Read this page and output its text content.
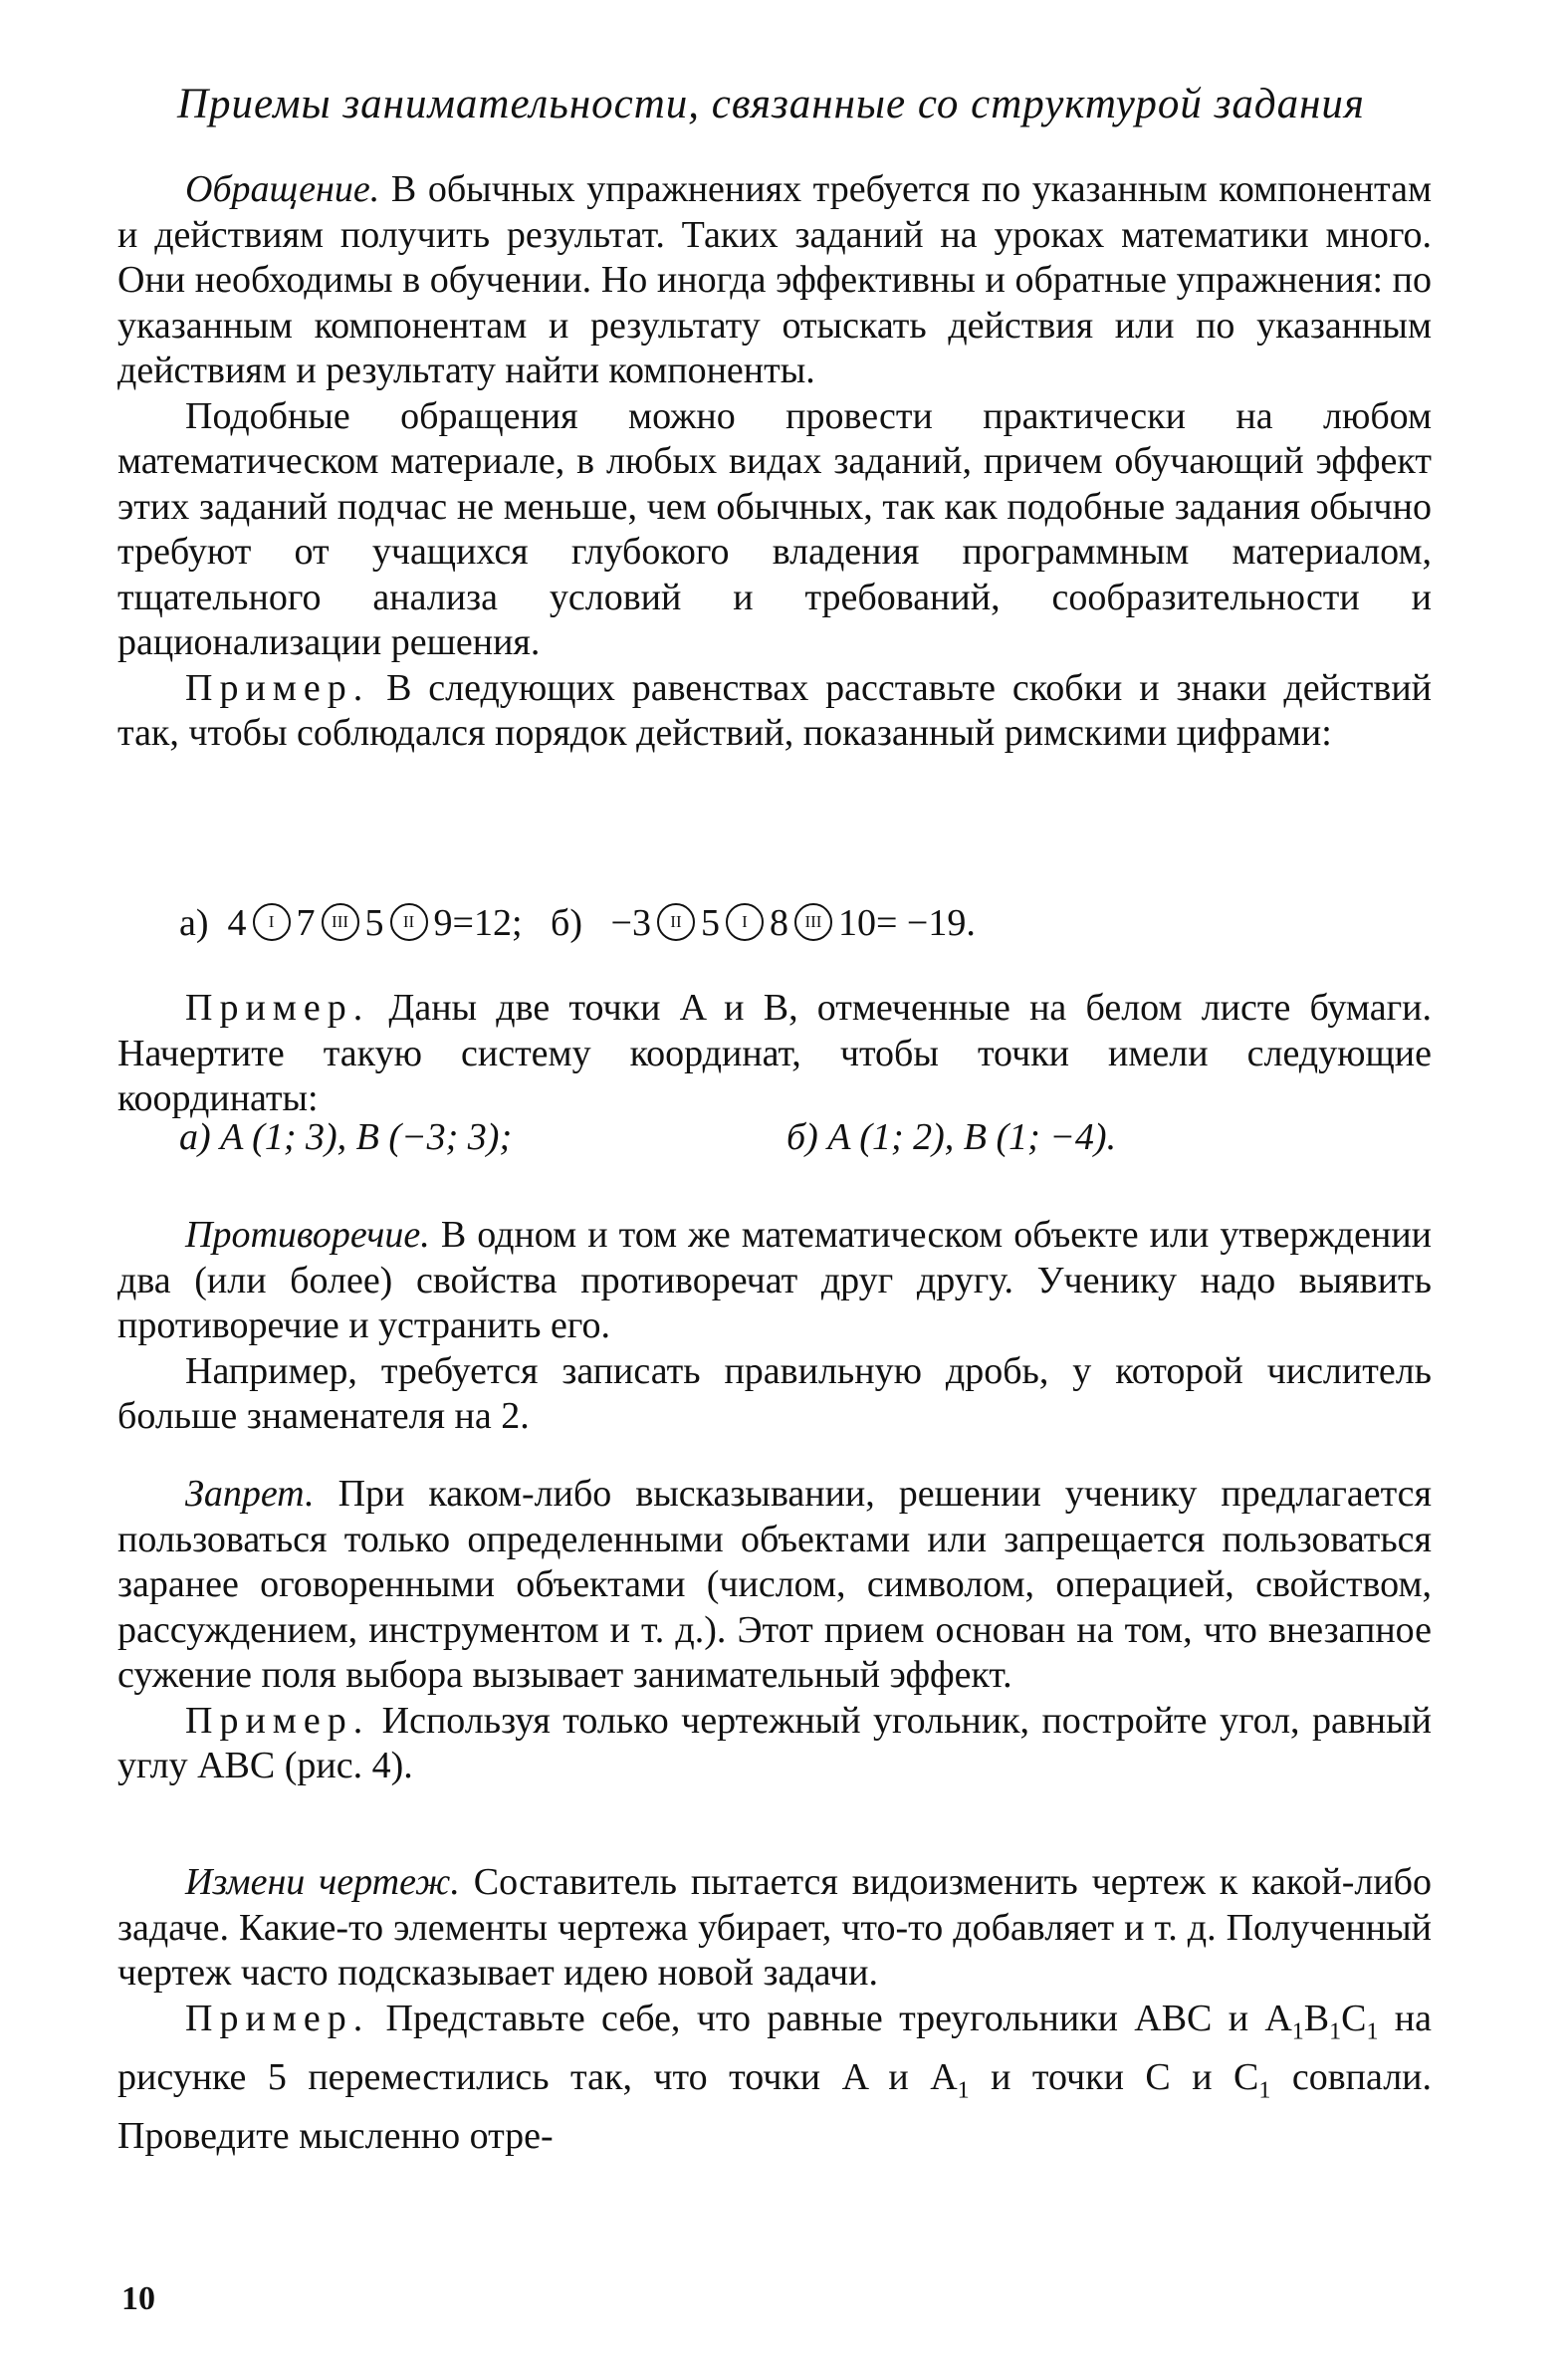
Приемы занимательности, связанные со структурой задания

Обращение. В обычных упражнениях требуется по указанным компонентам и действиям получить результат. Таких заданий на уроках математики много. Они необходимы в обучении. Но иногда эффективны и обратные упражнения: по указанным компонентам и результату отыскать действия или по указанным действиям и результату найти компоненты.

Подобные обращения можно провести практически на любом математическом материале, в любых видах заданий, причем обучающий эффект этих заданий подчас не меньше, чем обычных, так как подобные задания обычно требуют от учащихся глубокого владения программным материалом, тщательного анализа условий и требований, сообразительности и рационализации решения.

Пример. В следующих равенствах расставьте скобки и знаки действий так, чтобы соблюдался порядок действий, показанный римскими цифрами:

а) 4 I 7 III 5 II 9=12; б) −3 II 5 I 8 III 10= −19.

Пример. Даны две точки A и B, отмеченные на белом листе бумаги. Начертите такую систему координат, чтобы точки имели следующие координаты:

а) A (1; 3), B (−3; 3);	б) A (1; 2), B (1; −4).

Противоречие. В одном и том же математическом объекте или утверждении два (или более) свойства противоречат друг другу. Ученику надо выявить противоречие и устранить его.

Например, требуется записать правильную дробь, у которой числитель больше знаменателя на 2.

Запрет. При каком-либо высказывании, решении ученику предлагается пользоваться только определенными объектами или запрещается пользоваться заранее оговоренными объектами (числом, символом, операцией, свойством, рассуждением, инструментом и т. д.). Этот прием основан на том, что внезапное сужение поля выбора вызывает занимательный эффект.

Пример. Используя только чертежный угольник, постройте угол, равный углу ABC (рис. 4).

Измени чертеж. Составитель пытается видоизменить чертеж к какой-либо задаче. Какие-то элементы чертежа убирает, что-то добавляет и т. д. Полученный чертеж часто подсказывает идею новой задачи.

Пример. Представьте себе, что равные треугольники ABC и $A_1B_1C_1$ на рисунке 5 переместились так, что точки A и $A_1$ и точки C и $C_1$ совпали. Проведите мысленно отре-

10
